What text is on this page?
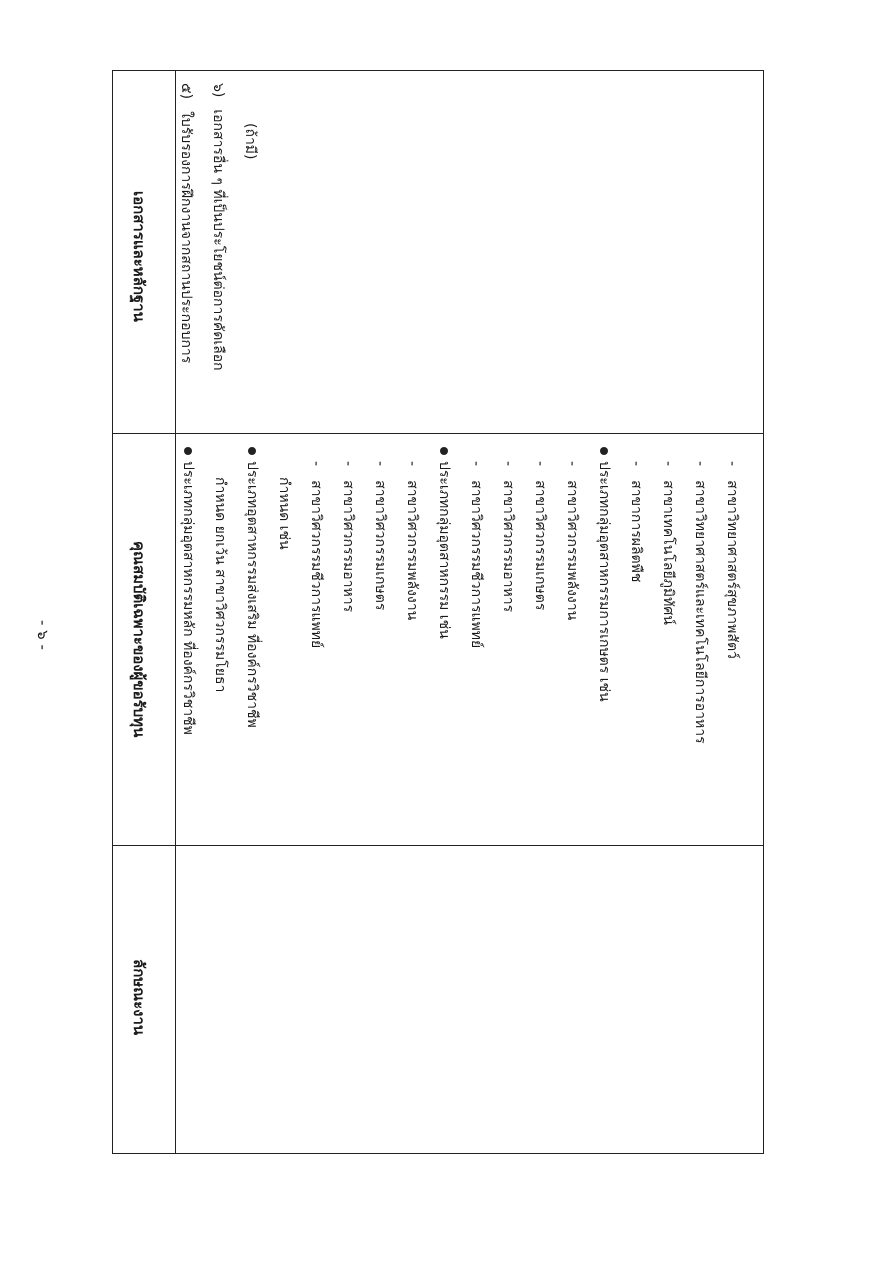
- ๖ -
เอกสารและหลักฐาน
คุณสมบัติเฉพาะของผู้ขอรับทุน
ลักษณะงาน
๕)ใบรับรองการฝึกงานจากสถานประกอบการ
๖)เอกสารอื่น ๆ ที่เป็นประโยชน์ต่อการคัดเลือก (ถ้ามี)
ประเภทกลุ่มอุตสาหกรรมหลัก ที่องค์กรวิชาชีพ กำหนด ยกเว้น สาขาวิศวกรรมโยธา ประเภทอุตสาหกรรมส่งเสริม ที่องค์กรวิชาชีพ กำหนด เช่น
-สาขาวิศวกรรมชีวการแพทย์
-สาขาวิศวกรรมอาหาร
-สาขาวิศวกรรมเกษตร
-สาขาวิศวกรรมพลังงาน ประเภทกลุ่มอุตสาหกรรม เช่น -สาขาวิศวกรรมชีวการแพทย์
-สาขาวิศวกรรมอาหาร
-สาขาวิศวกรรมเกษตร
-สาขาวิศวกรรมพลังงาน ประเภทกลุ่มอุตสาหกรรมการเกษตร เช่น -สาขาการผลิตพืช
-สาขาเทคโนโลยีภูมิทัศน์
-สาขาวิทยาศาสตร์และเทคโนโลยีการอาหาร
-สาขาวิทยาศาสตร์สุขภาพสัตว์
